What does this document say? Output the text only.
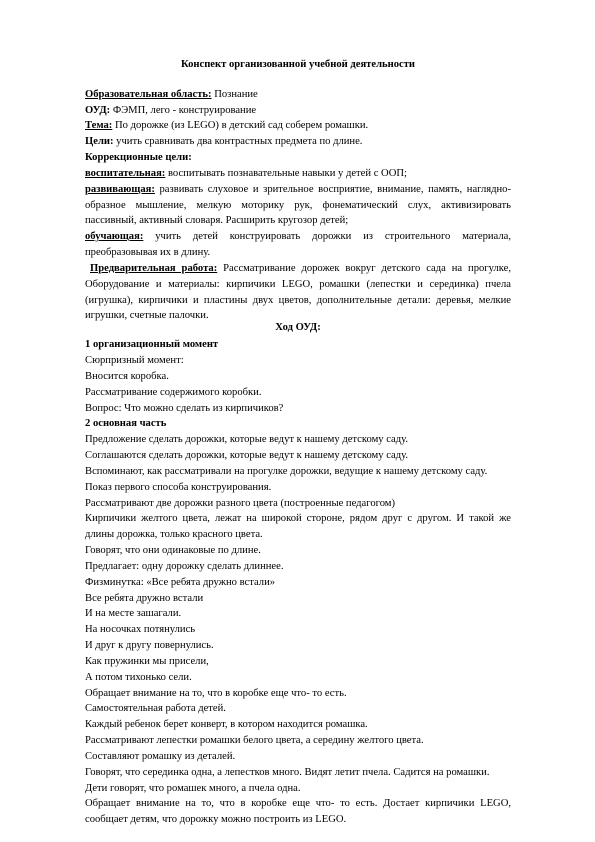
Конспект организованной учебной деятельности
Образовательная область: Познание
ОУД: ФЭМП, лего - конструирование
Тема: По дорожке (из LEGO) в детский сад соберем ромашки.
Цели: учить сравнивать два контрастных предмета по длине.
Коррекционные цели:
воспитательная: воспитывать познавательные навыки у детей с ООП;
развивающая: развивать слуховое и зрительное восприятие, внимание, память, наглядно-
образное мышление, мелкую моторику рук, фонематический слух, активизировать
пассивный, активный словаря. Расширить кругозор детей;
обучающая: учить детей конструировать дорожки из строительного материала,
преобразовывая их в длину.
Предварительная работа: Рассматривание дорожек вокруг детского сада на прогулке,
Оборудование и материалы: кирпичики LEGO, ромашки (лепестки и серединка) пчела
(игрушка), кирпичики и пластины двух цветов, дополнительные детали: деревья, мелкие
игрушки, счетные палочки.
Ход ОУД:
1 организационный момент
Сюрпризный момент:
Вносится коробка.
Рассматривание содержимого коробки.
Вопрос: Что можно сделать из кирпичиков?
2 основная часть
Предложение сделать дорожки, которые ведут к нашему детскому саду.
Соглашаются сделать дорожки, которые ведут к нашему детскому саду.
Вспоминают, как рассматривали на прогулке дорожки, ведущие к нашему детскому саду.
Показ первого способа конструирования.
Рассматривают две дорожки разного цвета (построенные педагогом)
Кирпичики желтого цвета, лежат на широкой стороне, рядом друг с другом. И такой же
длины дорожка, только красного цвета.
Говорят, что они одинаковые по длине.
Предлагает: одну дорожку сделать длиннее.
Физминутка: «Все ребята дружно встали»
Все ребята дружно встали
И на месте зашагали.
На носочках потянулись
И друг к другу повернулись.
Как пружинки мы присели,
А потом тихонько сели.
Обращает внимание на то, что в коробке еще что- то есть.
Самостоятельная работа детей.
Каждый ребенок берет конверт, в котором находится ромашка.
Рассматривают лепестки ромашки белого цвета, а середину желтого цвета.
Составляют ромашку из деталей.
Говорят, что серединка одна, а лепестков много. Видят летит пчела. Садится на ромашки.
Дети говорят, что ромашек много, а пчела одна.
Обращает внимание на то, что в коробке еще что- то есть. Достает кирпичики LEGO,
сообщает детям, что дорожку можно построить из LEGO.
